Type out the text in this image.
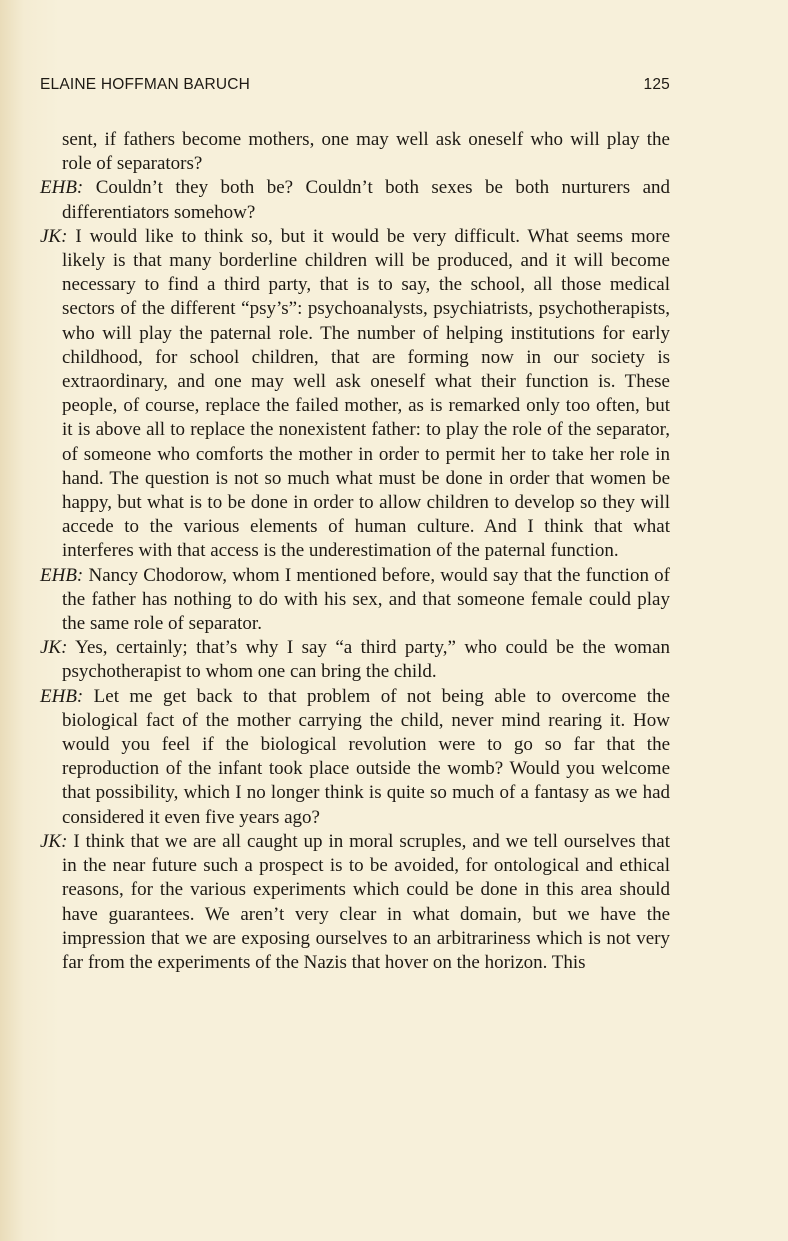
ELAINE HOFFMAN BARUCH	125

sent, if fathers become mothers, one may well ask oneself who will play the role of separators?

EHB: Couldn’t they both be? Couldn’t both sexes be both nurturers and differentiators somehow?

JK: I would like to think so, but it would be very difficult. What seems more likely is that many borderline children will be produced, and it will become necessary to find a third party, that is to say, the school, all those medical sectors of the different “psy’s”: psychoanalysts, psychiatrists, psychotherapists, who will play the paternal role. The number of helping institutions for early childhood, for school children, that are forming now in our society is extraordinary, and one may well ask oneself what their function is. These people, of course, replace the failed mother, as is remarked only too often, but it is above all to replace the nonexistent father: to play the role of the separator, of someone who comforts the mother in order to permit her to take her role in hand. The question is not so much what must be done in order that women be happy, but what is to be done in order to allow children to develop so they will accede to the various elements of human culture. And I think that what interferes with that access is the underestimation of the paternal function.

EHB: Nancy Chodorow, whom I mentioned before, would say that the function of the father has nothing to do with his sex, and that someone female could play the same role of separator.

JK: Yes, certainly; that’s why I say “a third party,” who could be the woman psychotherapist to whom one can bring the child.

EHB: Let me get back to that problem of not being able to overcome the biological fact of the mother carrying the child, never mind rearing it. How would you feel if the biological revolution were to go so far that the reproduction of the infant took place outside the womb? Would you welcome that possibility, which I no longer think is quite so much of a fantasy as we had considered it even five years ago?

JK: I think that we are all caught up in moral scruples, and we tell ourselves that in the near future such a prospect is to be avoided, for ontological and ethical reasons, for the various experiments which could be done in this area should have guarantees. We aren’t very clear in what domain, but we have the impression that we are exposing ourselves to an arbitrariness which is not very far from the experiments of the Nazis that hover on the horizon. This
